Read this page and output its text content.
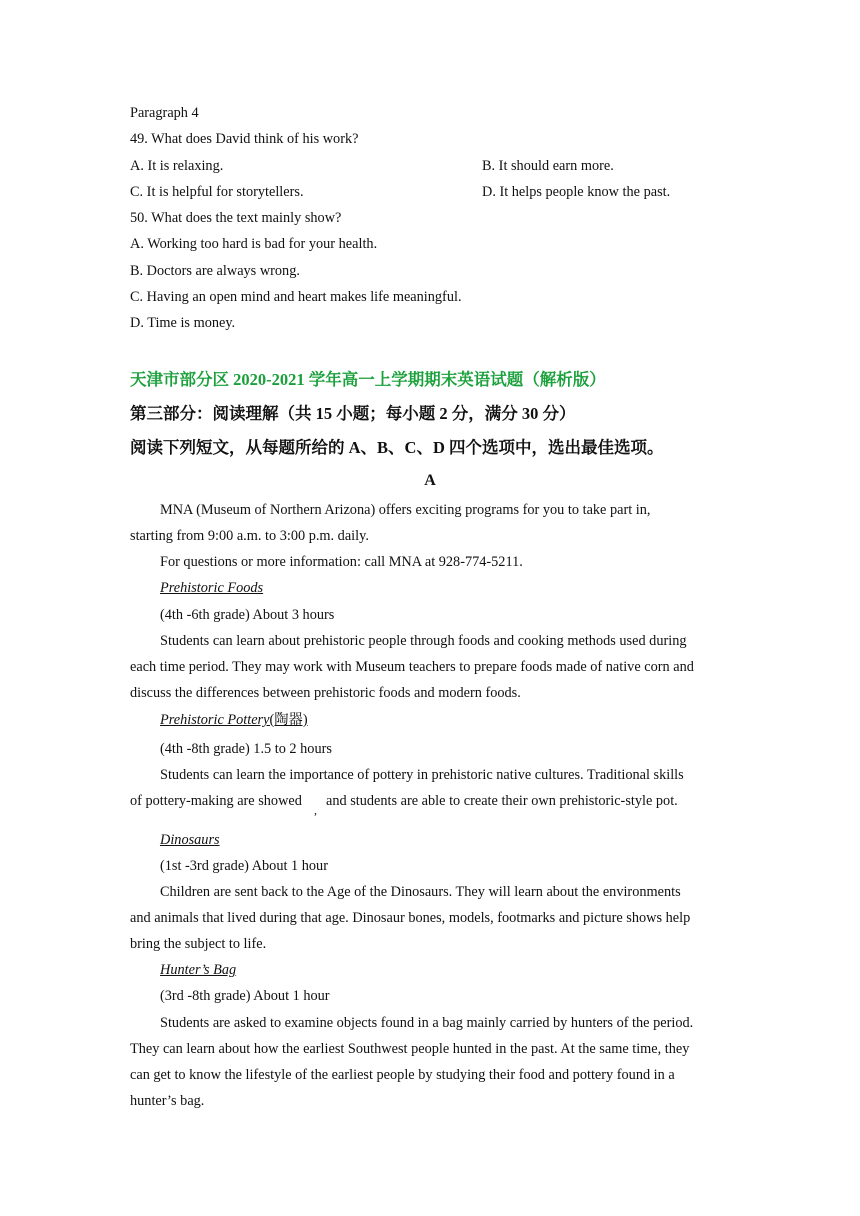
Paragraph 4
49. What does David think of his work?
A. It is relaxing.	B. It should earn more.
C. It is helpful for storytellers.	D. It helps people know the past.
50. What does the text mainly show?
A. Working too hard is bad for your health.
B. Doctors are always wrong.
C. Having an open mind and heart makes life meaningful.
D. Time is money.
天津市部分区 2020-2021 学年高一上学期期末英语试题（解析版）
第三部分：阅读理解（共 15 小题；每小题 2 分，满分 30 分）
阅读下列短文，从每题所给的 A、B、C、D 四个选项中，选出最佳选项。
A
MNA (Museum of Northern Arizona) offers exciting programs for you to take part in,
starting from 9:00 a.m. to 3:00 p.m. daily.
For questions or more information: call MNA at 928-774-5211.
Prehistoric Foods
(4th -6th grade) About 3 hours
Students can learn about prehistoric people through foods and cooking methods used during
each time period. They may work with Museum teachers to prepare foods made of native corn and
discuss the differences between prehistoric foods and modern foods.
Prehistoric Pottery(陶器)
(4th -8th grade) 1.5 to 2 hours
Students can learn the importance of pottery in prehistoric native cultures. Traditional skills
of pottery-making are showed
,
and students are able to create their own prehistoric-style pot.
Dinosaurs
(1st -3rd grade) About 1 hour
Children are sent back to the Age of the Dinosaurs. They will learn about the environments
and animals that lived during that age. Dinosaur bones, models, footmarks and picture shows help
bring the subject to life.
Hunter’s Bag
(3rd -8th grade) About 1 hour
Students are asked to examine objects found in a bag mainly carried by hunters of the period.
They can learn about how the earliest Southwest people hunted in the past. At the same time, they
can get to know the lifestyle of the earliest people by studying their food and pottery found in a
hunter’s bag.
